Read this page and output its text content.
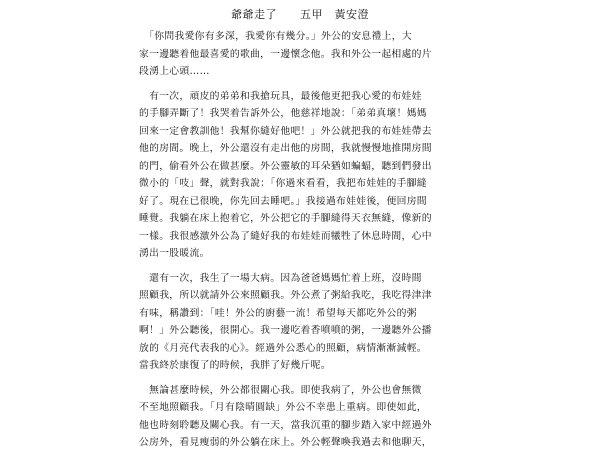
爺爺走了　　五甲　黃安澄
　「你問我愛你有多深，我愛你有幾分。」外公的安息禮上，大
家一邊聽着他最喜愛的歌曲，一邊懷念他。我和外公一起相處的片
段湧上心頭……
　有一次，頑皮的弟弟和我搶玩具，最後他更把我心愛的布娃娃
的手腳弄斷了！我哭着告訴外公，他慈祥地說：「弟弟真壞！媽媽
回來一定會教訓他！我幫你縫好他吧！」外公就把我的布娃娃帶去
他的房間。晚上，外公還沒有走出他的房間，我就慢慢地推開房間
的門，偷看外公在做甚麼。外公靈敏的耳朵猶如蝙蝠，聽到們發出
微小的「吱」聲，就對我說：「你過來看看，我把布娃娃的手腳縫
好了。現在已很晚，你先回去睡吧。」我接過布娃娃後，便回房間
睡覺。我躺在床上抱着它，外公把它的手腳縫得天衣無縫，像新的
一樣。我很感激外公為了縫好我的布娃娃而犧牲了休息時間，心中
湧出一股暖流。
　還有一次，我生了一場大病。因為爸爸媽媽忙着上班，沒時間
照顧我，所以就請外公來照顧我。外公煮了粥給我吃，我吃得津津
有味，稱讚到：「哇！外公的廚藝一流！希望每天都吃外公的粥
啊！」外公聽後，很開心。我一邊吃着香噴噴的粥，一邊聽外公播
放的《月亮代表我的心》。經過外公悉心的照顧，病情漸漸減輕。
當我終於康復了的時候，我胖了好幾斤呢。
　無論甚麼時候，外公都很關心我。即使我病了，外公也會無微
不至地照顧我。「月有陰晴圓缺」外公不幸患上重病。即使如此，
他也時刻聆聽及關心我。有一天，當我沉重的腳步踏入家中經過外
公房外，看見瘦弱的外公躺在床上。外公輕聲喚我過去和他聊天，
